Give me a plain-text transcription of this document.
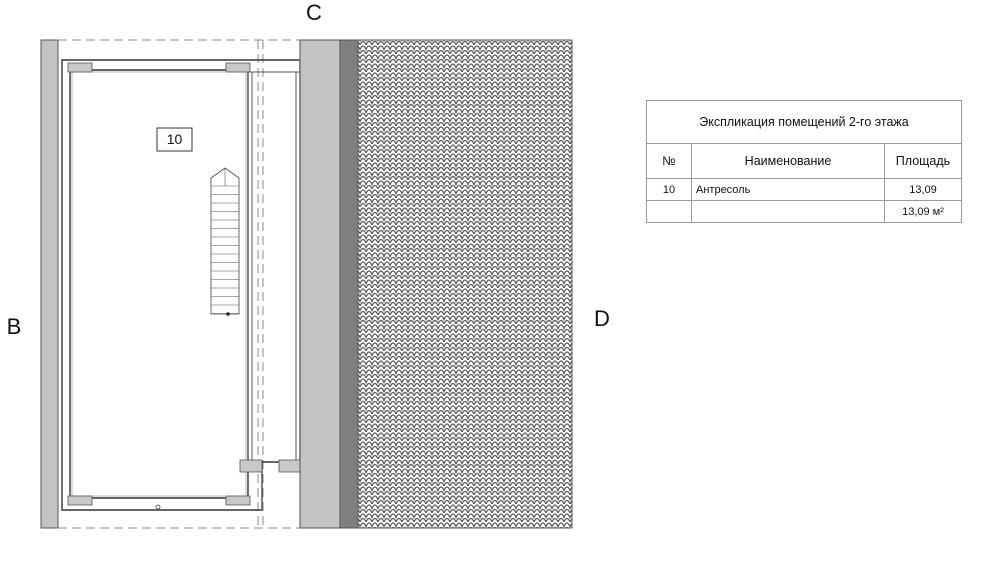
10
C
B	D
Экспликация помещений 2-го этажа		
№	Наименование	Площадь
10	Антресоль	13,09
		13,09 м²
